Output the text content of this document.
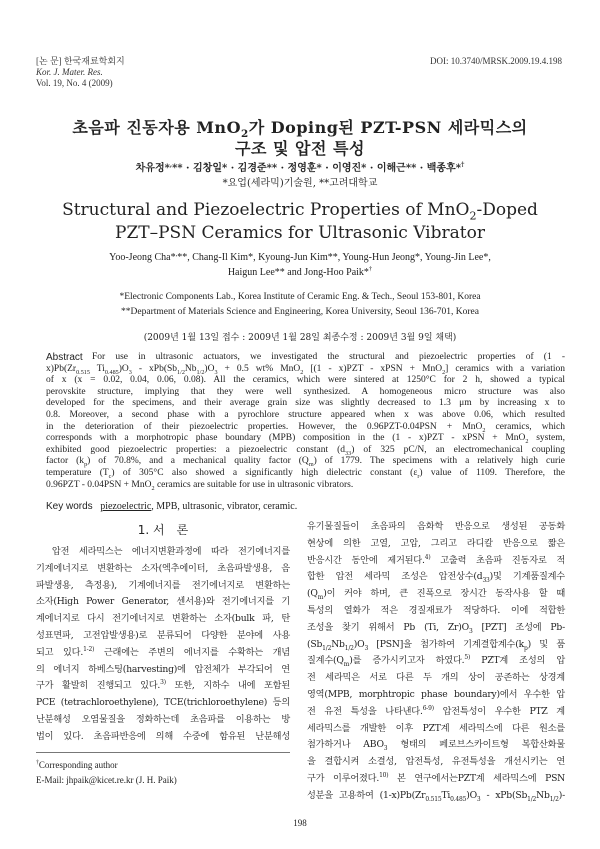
[논 문] 한국재료학회지
Kor. J. Mater. Res.
Vol. 19, No. 4 (2009)
DOI: 10.3740/MRSK.2009.19.4.198
초음파 진동자용 MnO$_2$가 Doping된 PZT-PSN 세라믹스의
구조 및 압전 특성
차유정*,** · 김창일* · 김경준** · 정영훈* · 이영진* · 이해근** · 백종후*†
*요업(세라믹)기술원, **고려대학교
Structural and Piezoelectric Properties of MnO$_2$-Doped
PZT–PSN Ceramics for Ultrasonic Vibrator
Yoo-Jeong Cha*,**, Chang-Il Kim*, Kyoung-Jun Kim**, Young-Hun Jeong*, Young-Jin Lee*,
Haigun Lee** and Jong-Hoo Paik*†
*Electronic Components Lab., Korea Institute of Ceramic Eng. & Tech., Seoul 153-801, Korea
**Department of Materials Science and Engineering, Korea University, Seoul 136-701, Korea
(2009년 1월 13일 접수 : 2009년 1월 28일 최종수정 : 2009년 3월 9일 채택)
For use in ultrasonic actuators, we investigated the structural and piezoelectric properties of (1 -
$x)Pb(Zr_{0.515}$ $Ti_{0.485})O_3 - xPb(Sb_{1/2}Nb_{1/2})O_3 + 0.5$ wt% MnO$_2$ [(1 - x)PZT - xPSN + MnO$_2$] ceramics with a variation
of x (x = 0.02, 0.04, 0.06, 0.08). All the ceramics, which were sintered at 1250°C for 2 h, showed a typical
perovskite structure, implying that they were well synthesized. A homogeneous micro structure was also
developed for the specimens, and their average grain size was slightly decreased to 1.3 μm by increasing x to
0.8. Moreover, a second phase with a pyrochlore structure appeared when x was above 0.06, which resulted
in the deterioration of their piezoelectric properties. However, the 0.96PZT-0.04PSN + MnO$_2$ ceramics, which
corresponds with a morphotropic phase boundary (MPB) composition in the (1 - x)PZT - xPSN + MnO$_2$ system,
exhibited good piezoelectric properties: a piezoelectric constant $(d_{33})$ of 325 pC/N, an electromechanical coupling
factor $(k_p)$ of 70.8%, and a mechanical quality factor $(Q_m)$ of 1779. The specimens with a relatively high curie
temperature $(T_c)$ of 305°C also showed a significantly high dielectric constant $(\varepsilon_r)$ value of 1109. Therefore, the
0.96PZT - 0.04PSN + MnO$_2$ ceramics are suitable for use in ultrasonic vibrators.
Abstract
Key words piezoelectric, MPB, ultrasonic, vibrator, ceramic.
1. 서　론
　압전 세라믹스는 에너지변환과정에 따라 전기에너지를
기계에너지로 변환하는 소자(엑추에이터, 초음파발생용, 음
파발생용, 측정용), 기계에너지를 전기에너지로 변환하는
소자(High Power Generator, 센서용)와 전기에너지를 기
계에너지로 다시 전기에너지로 변환하는 소자(bulk 파, 탄
성표면파, 고전압발생용)로 분류되어 다양한 분야에 사용
되고 있다.$^{1-2)}$ 근래에는 주변의 에너지를 수확하는 개념
의 에너지 하베스팅(harvesting)에 압전체가 부각되어 연
구가 활발히 진행되고 있다.$^{3)}$ 또한, 지하수 내에 포함된
PCE (tetrachloroethylene), TCE(trichloroethylene) 등의
난분해성 오염물질을 정화하는데 초음파를 이용하는 방
법이 있다. 초음파반응에 의해 수중에 함유된 난분해성
유기물질들이 초음파의 음화학 반응으로 생성된 공동화
현상에 의한 고열, 고압, 그리고 라디칼 반응으로 짧은
반응시간 동안에 제거된다.$^{4)}$ 고출력 초음파 진동자로 적
합한 압전 세라믹 조성은 압전상수$(d_{33})$및 기계품질계수
$(Q_m)$이 커야 하며, 큰 진폭으로 장시간 동작사용 할 때
특성의 열화가 적은 경질재료가 적당하다. 이에 적합한
조성을 찾기 위해서 Pb (Ti, $Zr)O_3$ [PZT] 조성에 Pb-
$(Sb_{1/2}Nb_{1/2})O_3$ [PSN]을 첨가하여 기계결합계수$(k_p)$ 및 품
질계수$(Q_m)$를 증가시키고자 하였다.$^{5)}$ PZT계 조성의 압
전 세라믹은 서로 다른 두 개의 상이 공존하는 상경계
영역(MPB, morphtropic phase boundary)에서 우수한 압
전 유전 특성을 나타낸다.$^{6-9)}$ 압전특성이 우수한 PTZ 계
세라믹스를 개발한 이후 PZT계 세라믹스에 다른 원소를
첨가하거나 $ABO_3$ 형태의 페로브스카이트형 복합산화물
을 결합시켜 소결성, 압전특성, 유전특성을 개선시키는 연
구가 이루어졌다.$^{10)}$ 본 연구에서는PZT계 세라믹스에 PSN
성분을 고용하여 $(1-x)Pb(Zr_{0.515}Ti_{0.485})O_3 - xPb(Sb_{1/2}Nb_{1/2})-$
†Corresponding author
E-Mail: jhpaik@kicet.re.kr (J. H. Paik)
198
